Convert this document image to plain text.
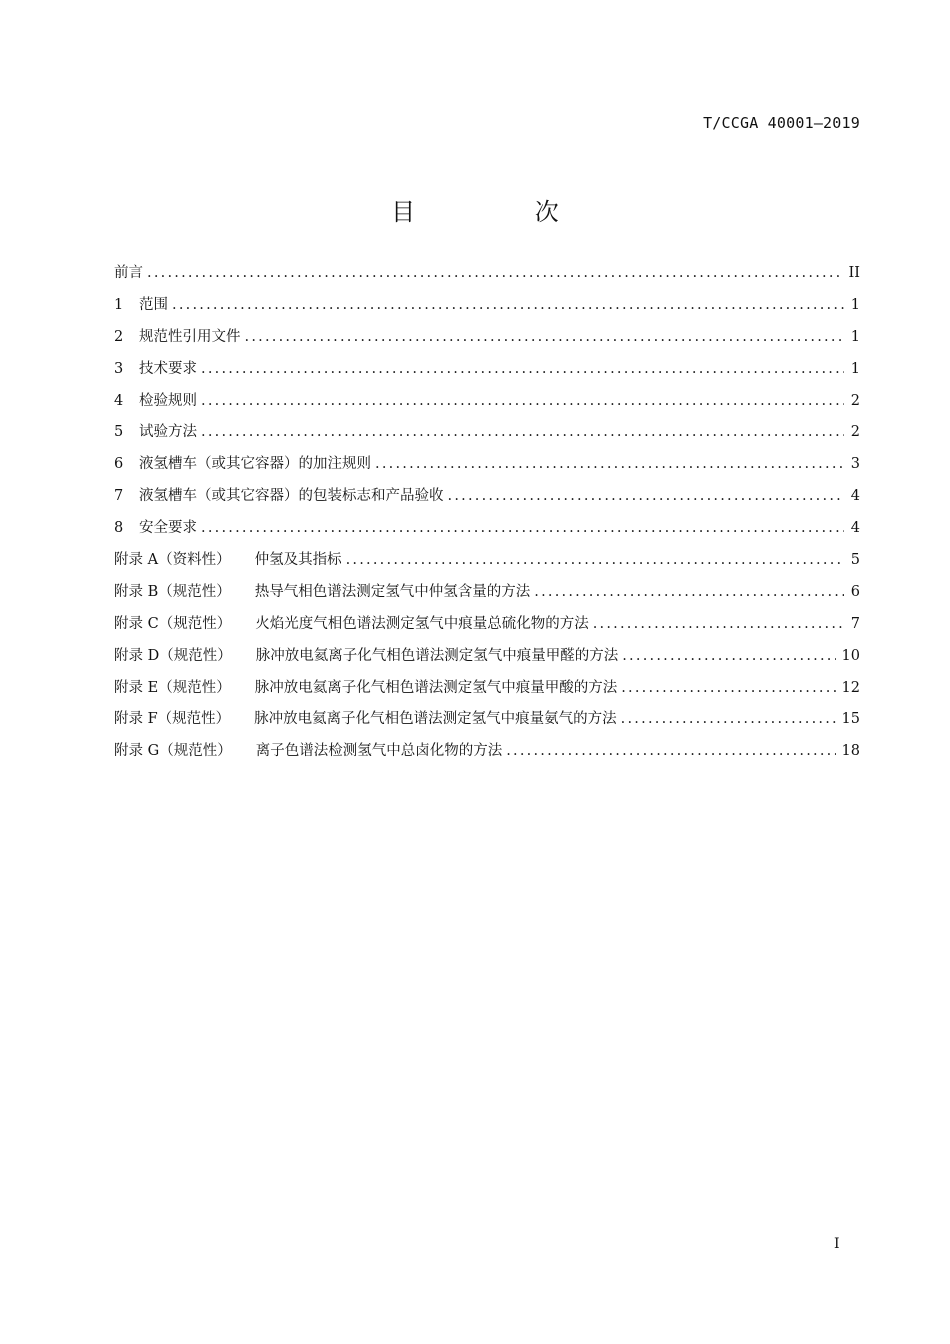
T/CCGA 40001—2019
目 次
前言 . . .	II
1	范围 . . .	1
2	规范性引用文件 . . .	1
3	技术要求 . . .	1
4	检验规则 . . .	2
5	试验方法 . . .	2
6	液氢槽车（或其它容器）的加注规则 . . .	3
7	液氢槽车（或其它容器）的包装标志和产品验收 . . .	4
8	安全要求 . . .	4
附录 A（资料性） 仲氢及其指标 . . .	5
附录 B（规范性） 热导气相色谱法测定氢气中仲氢含量的方法 . . .	6
附录 C（规范性） 火焰光度气相色谱法测定氢气中痕量总硫化物的方法 . . .	7
附录 D（规范性） 脉冲放电氦离子化气相色谱法测定氢气中痕量甲醛的方法 . . .	10
附录 E（规范性） 脉冲放电氦离子化气相色谱法测定氢气中痕量甲酸的方法 . . .	12
附录 F（规范性） 脉冲放电氦离子化气相色谱法测定氢气中痕量氨气的方法 . . .	15
附录 G（规范性） 离子色谱法检测氢气中总卤化物的方法 . . .	18
I
